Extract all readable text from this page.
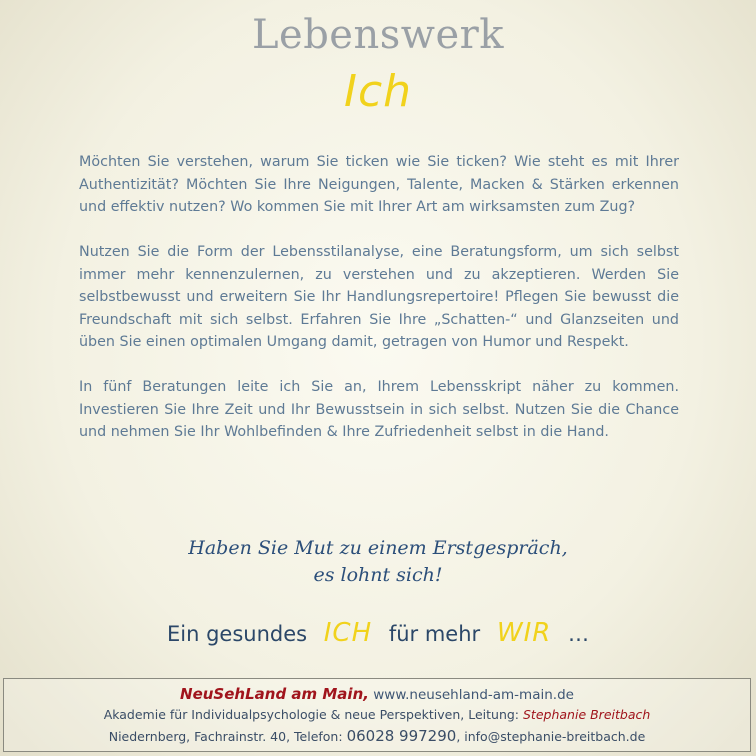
Lebenswerk
Ich

Möchten Sie verstehen, warum Sie ticken wie Sie ticken? Wie steht es mit Ihrer Authentizität? Möchten Sie Ihre Neigungen, Talente, Macken & Stärken erkennen und effektiv nutzen? Wo kommen Sie mit Ihrer Art am wirksamsten zum Zug?

Nutzen Sie die Form der Lebensstilanalyse, eine Beratungsform, um sich selbst immer mehr kennenzulernen, zu verstehen und zu akzeptieren. Werden Sie selbstbewusst und erweitern Sie Ihr Handlungsrepertoire! Pflegen Sie bewusst die Freundschaft mit sich selbst. Erfahren Sie Ihre „Schatten-“ und Glanzseiten und üben Sie einen optimalen Umgang damit, getragen von Humor und Respekt.

In fünf Beratungen leite ich Sie an, Ihrem Lebensskript näher zu kommen. Investieren Sie Ihre Zeit und Ihr Bewusstsein in sich selbst. Nutzen Sie die Chance und nehmen Sie Ihr Wohlbefinden & Ihre Zufriedenheit selbst in die Hand.

Haben Sie Mut zu einem Erstgespräch,
es lohnt sich!
Ein gesundes ICH für mehr WIR …
NeuSehLand am Main, www.neusehland-am-main.de
Akademie für Individualpsychologie & neue Perspektiven, Leitung: Stephanie Breitbach
Niedernberg, Fachrainstr. 40, Telefon: 06028 997290, info@stephanie-breitbach.de
